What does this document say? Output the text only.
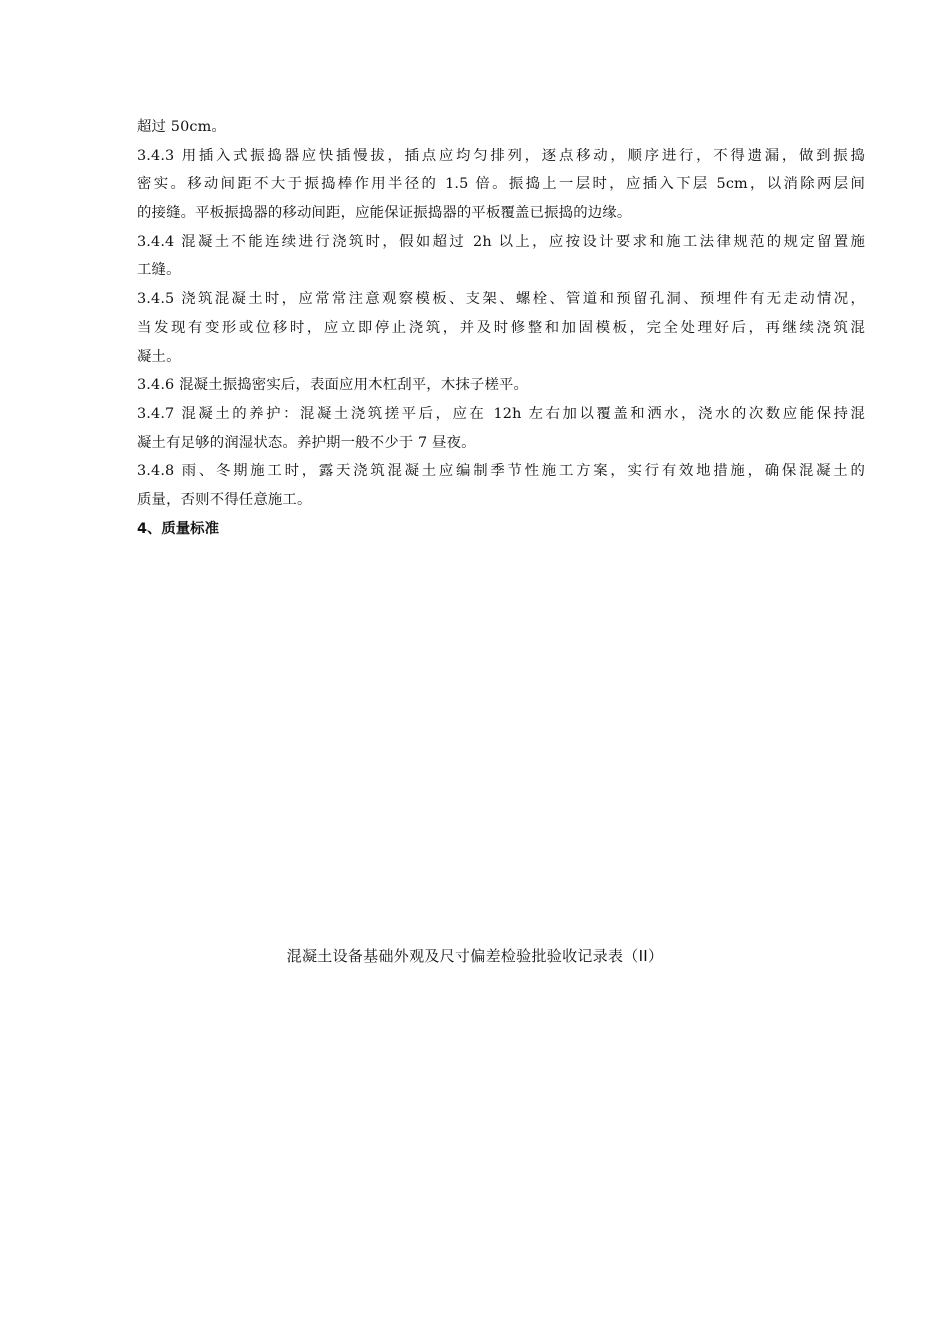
超过 50cm。
3.4.3 用插入式振捣器应快插慢拔，插点应均匀排列，逐点移动，顺序进行，不得遗漏，做到振捣
密实。移动间距不大于振捣棒作用半径的 1.5 倍。振捣上一层时，应插入下层 5cm，以消除两层间
的接缝。平板振捣器的移动间距，应能保证振捣器的平板覆盖已振捣的边缘。
3.4.4 混凝土不能连续进行浇筑时，假如超过 2h 以上，应按设计要求和施工法律规范的规定留置施
工缝。
3.4.5 浇筑混凝土时，应常常注意观察模板、支架、螺栓、管道和预留孔洞、预埋件有无走动情况，
当发现有变形或位移时，应立即停止浇筑，并及时修整和加固模板，完全处理好后，再继续浇筑混
凝土。
3.4.6 混凝土振捣密实后，表面应用木杠刮平，木抹子槎平。
3.4.7 混凝土的养护：混凝土浇筑搓平后，应在 12h 左右加以覆盖和洒水，浇水的次数应能保持混
凝土有足够的润湿状态。养护期一般不少于 7 昼夜。
3.4.8 雨、冬期施工时，露天浇筑混凝土应编制季节性施工方案，实行有效地措施，确保混凝土的
质量，否则不得任意施工。
4、质量标准
混凝土设备基础外观及尺寸偏差检验批验收记录表（II）
